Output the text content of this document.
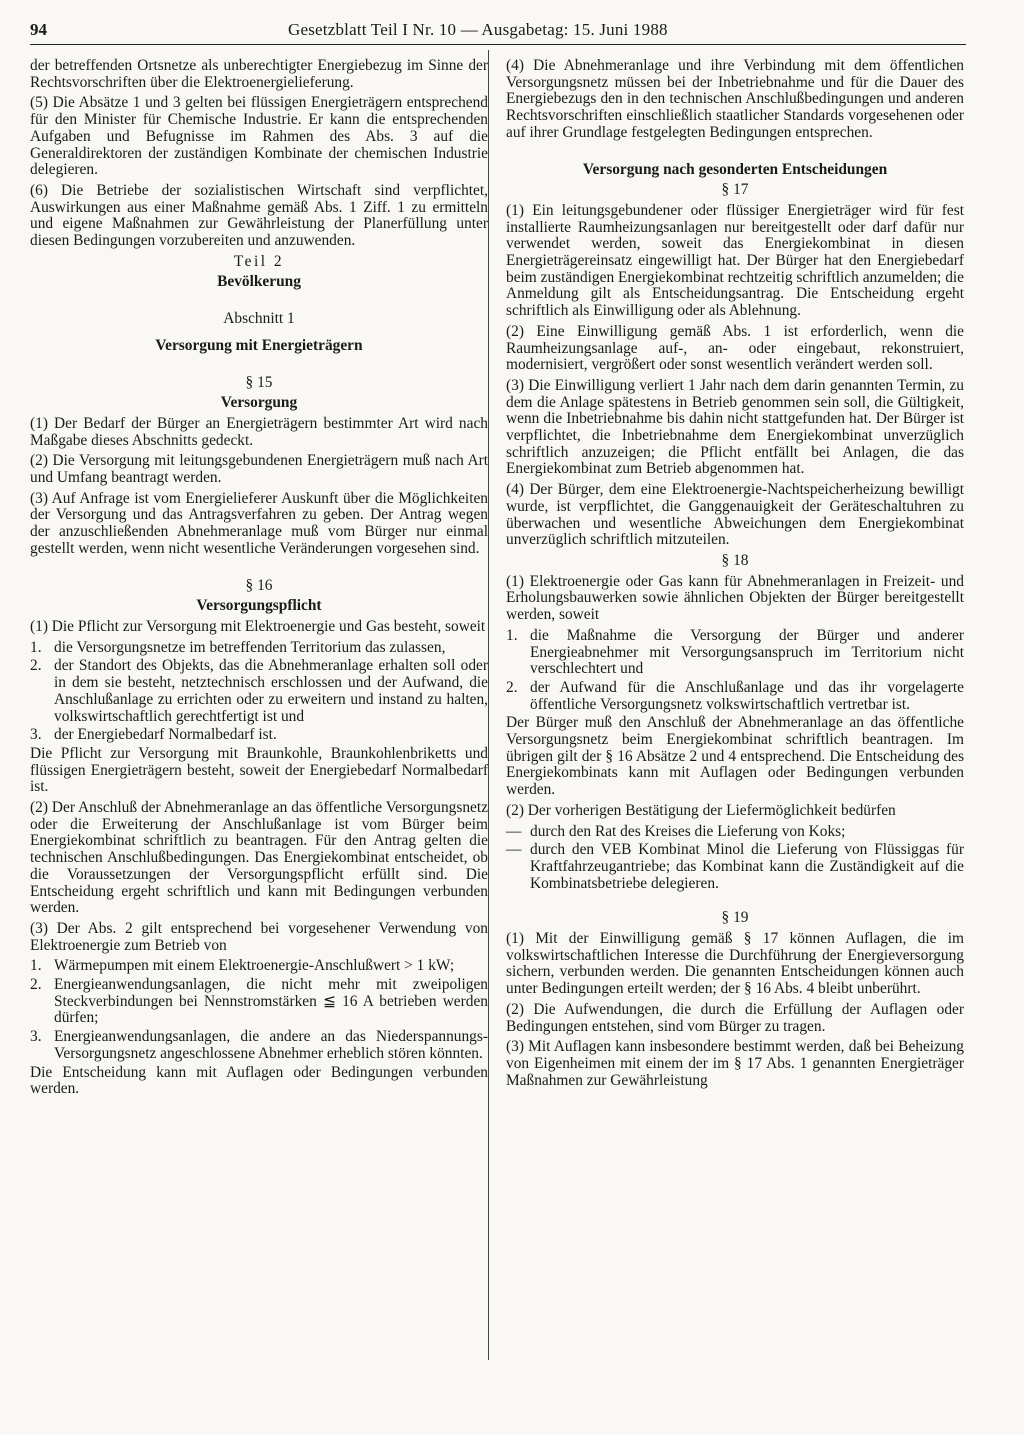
94	Gesetzblatt Teil I Nr. 10 — Ausgabetag: 15. Juni 1988

der betreffenden Ortsnetze als unberechtigter Energiebezug im Sinne der Rechtsvorschriften über die Elektroenergielieferung.

(5) Die Absätze 1 und 3 gelten bei flüssigen Energieträgern entsprechend für den Minister für Chemische Industrie. Er kann die entsprechenden Aufgaben und Befugnisse im Rahmen des Abs. 3 auf die Generaldirektoren der zuständigen Kombinate der chemischen Industrie delegieren.

(6) Die Betriebe der sozialistischen Wirtschaft sind verpflichtet, Auswirkungen aus einer Maßnahme gemäß Abs. 1 Ziff. 1 zu ermitteln und eigene Maßnahmen zur Gewährleistung der Planerfüllung unter diesen Bedingungen vorzubereiten und anzuwenden.

Teil 2

Bevölkerung

Abschnitt 1

Versorgung mit Energieträgern

§ 15

Versorgung

(1) Der Bedarf der Bürger an Energieträgern bestimmter Art wird nach Maßgabe dieses Abschnitts gedeckt.

(2) Die Versorgung mit leitungsgebundenen Energieträgern muß nach Art und Umfang beantragt werden.

(3) Auf Anfrage ist vom Energielieferer Auskunft über die Möglichkeiten der Versorgung und das Antragsverfahren zu geben. Der Antrag wegen der anzuschließenden Abnehmeranlage muß vom Bürger nur einmal gestellt werden, wenn nicht wesentliche Veränderungen vorgesehen sind.

§ 16

Versorgungspflicht

(1) Die Pflicht zur Versorgung mit Elektroenergie und Gas besteht, soweit

1. die Versorgungsnetze im betreffenden Territorium das zulassen,
2. der Standort des Objekts, das die Abnehmeranlage erhalten soll oder in dem sie besteht, netztechnisch erschlossen und der Aufwand, die Anschlußanlage zu errichten oder zu erweitern und instand zu halten, volkswirtschaftlich gerechtfertigt ist und
3. der Energiebedarf Normalbedarf ist.

Die Pflicht zur Versorgung mit Braunkohle, Braunkohlenbriketts und flüssigen Energieträgern besteht, soweit der Energiebedarf Normalbedarf ist.

(2) Der Anschluß der Abnehmeranlage an das öffentliche Versorgungsnetz oder die Erweiterung der Anschlußanlage ist vom Bürger beim Energiekombinat schriftlich zu beantragen. Für den Antrag gelten die technischen Anschlußbedingungen. Das Energiekombinat entscheidet, ob die Voraussetzungen der Versorgungspflicht erfüllt sind. Die Entscheidung ergeht schriftlich und kann mit Bedingungen verbunden werden.

(3) Der Abs. 2 gilt entsprechend bei vorgesehener Verwendung von Elektroenergie zum Betrieb von

1. Wärmepumpen mit einem Elektroenergie-Anschlußwert > 1 kW;
2. Energieanwendungsanlagen, die nicht mehr mit zweipoligen Steckverbindungen bei Nennstromstärken ≦ 16 A betrieben werden dürfen;
3. Energieanwendungsanlagen, die andere an das Niederspannungs-Versorgungsnetz angeschlossene Abnehmer erheblich stören könnten.

Die Entscheidung kann mit Auflagen oder Bedingungen verbunden werden.

(4) Die Abnehmeranlage und ihre Verbindung mit dem öffentlichen Versorgungsnetz müssen bei der Inbetriebnahme und für die Dauer des Energiebezugs den in den technischen Anschlußbedingungen und anderen Rechtsvorschriften einschließlich staatlicher Standards vorgesehenen oder auf ihrer Grundlage festgelegten Bedingungen entsprechen.

Versorgung nach gesonderten Entscheidungen

§ 17

(1) Ein leitungsgebundener oder flüssiger Energieträger wird für fest installierte Raumheizungsanlagen nur bereitgestellt oder darf dafür nur verwendet werden, soweit das Energiekombinat in diesen Energieträgereinsatz eingewilligt hat. Der Bürger hat den Energiebedarf beim zuständigen Energiekombinat rechtzeitig schriftlich anzumelden; die Anmeldung gilt als Entscheidungsantrag. Die Entscheidung ergeht schriftlich als Einwilligung oder als Ablehnung.

(2) Eine Einwilligung gemäß Abs. 1 ist erforderlich, wenn die Raumheizungsanlage auf-, an- oder eingebaut, rekonstruiert, modernisiert, vergrößert oder sonst wesentlich verändert werden soll.

(3) Die Einwilligung verliert 1 Jahr nach dem darin genannten Termin, zu dem die Anlage spätestens in Betrieb genommen sein soll, die Gültigkeit, wenn die Inbetriebnahme bis dahin nicht stattgefunden hat. Der Bürger ist verpflichtet, die Inbetriebnahme dem Energiekombinat unverzüglich schriftlich anzuzeigen; die Pflicht entfällt bei Anlagen, die das Energiekombinat zum Betrieb abgenommen hat.

(4) Der Bürger, dem eine Elektroenergie-Nachtspeicherheizung bewilligt wurde, ist verpflichtet, die Ganggenauigkeit der Geräteschaltuhren zu überwachen und wesentliche Abweichungen dem Energiekombinat unverzüglich schriftlich mitzuteilen.

§ 18

(1) Elektroenergie oder Gas kann für Abnehmeranlagen in Freizeit- und Erholungsbauwerken sowie ähnlichen Objekten der Bürger bereitgestellt werden, soweit

1. die Maßnahme die Versorgung der Bürger und anderer Energieabnehmer mit Versorgungsanspruch im Territorium nicht verschlechtert und
2. der Aufwand für die Anschlußanlage und das ihr vorgelagerte öffentliche Versorgungsnetz volkswirtschaftlich vertretbar ist.

Der Bürger muß den Anschluß der Abnehmeranlage an das öffentliche Versorgungsnetz beim Energiekombinat schriftlich beantragen. Im übrigen gilt der § 16 Absätze 2 und 4 entsprechend. Die Entscheidung des Energiekombinats kann mit Auflagen oder Bedingungen verbunden werden.

(2) Der vorherigen Bestätigung der Liefermöglichkeit bedürfen

— durch den Rat des Kreises die Lieferung von Koks;
— durch den VEB Kombinat Minol die Lieferung von Flüssiggas für Kraftfahrzeugantriebe; das Kombinat kann die Zuständigkeit auf die Kombinatsbetriebe delegieren.

§ 19

(1) Mit der Einwilligung gemäß § 17 können Auflagen, die im volkswirtschaftlichen Interesse die Durchführung der Energieversorgung sichern, verbunden werden. Die genannten Entscheidungen können auch unter Bedingungen erteilt werden; der § 16 Abs. 4 bleibt unberührt.

(2) Die Aufwendungen, die durch die Erfüllung der Auflagen oder Bedingungen entstehen, sind vom Bürger zu tragen.

(3) Mit Auflagen kann insbesondere bestimmt werden, daß bei Beheizung von Eigenheimen mit einem der im § 17 Abs. 1 genannten Energieträger Maßnahmen zur Gewährleistung
